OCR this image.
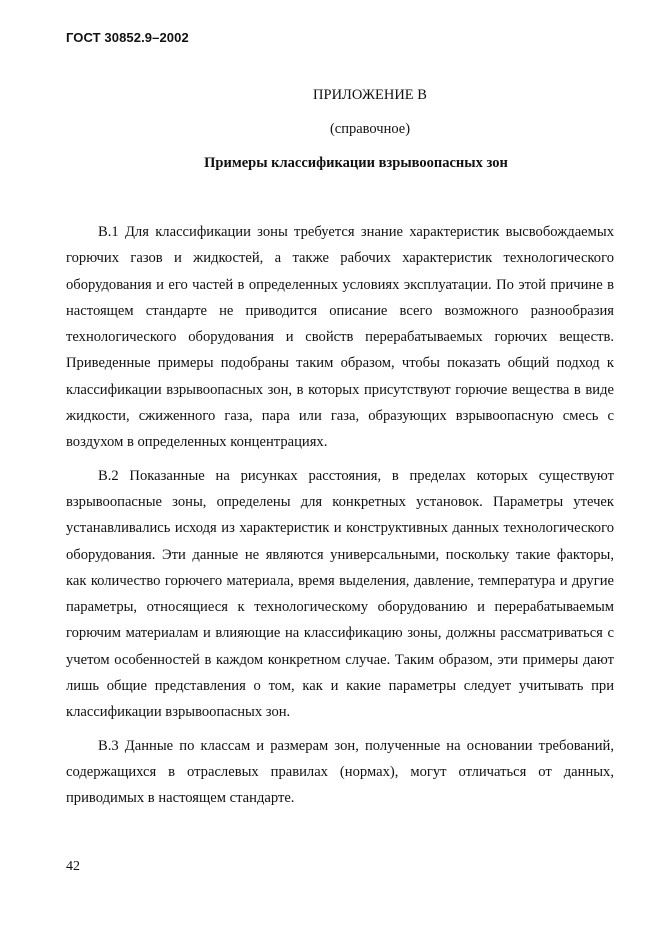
ГОСТ 30852.9–2002
ПРИЛОЖЕНИЕ В
(справочное)
Примеры классификации взрывоопасных зон

В.1 Для классификации зоны требуется знание характеристик высвобождаемых горючих газов и жидкостей, а также рабочих характеристик технологического оборудования и его частей в определенных условиях эксплуатации. По этой причине в настоящем стандарте не приводится описание всего возможного разнообразия технологического оборудования и свойств перерабатываемых горючих веществ. Приведенные примеры подобраны таким образом, чтобы показать общий подход к классификации взрывоопасных зон, в которых присутствуют горючие вещества в виде жидкости, сжиженного газа, пара или газа, образующих взрывоопасную смесь с воздухом в определенных концентрациях.

В.2 Показанные на рисунках расстояния, в пределах которых существуют взрывоопасные зоны, определены для конкретных установок. Параметры утечек устанавливались исходя из характеристик и конструктивных данных технологического оборудования. Эти данные не являются универсальными, поскольку такие факторы, как количество горючего материала, время выделения, давление, температура и другие параметры, относящиеся к технологическому оборудованию и перерабатываемым горючим материалам и влияющие на классификацию зоны, должны рассматриваться с учетом особенностей в каждом конкретном случае. Таким образом, эти примеры дают лишь общие представления о том, как и какие параметры следует учитывать при классификации взрывоопасных зон.

В.3 Данные по классам и размерам зон, полученные на основании требований, содержащихся в отраслевых правилах (нормах), могут отличаться от данных, приводимых в настоящем стандарте.

42
